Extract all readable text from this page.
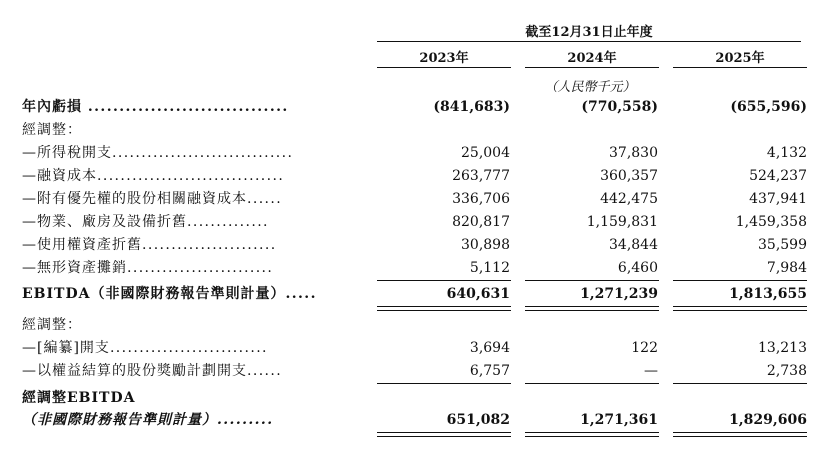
截至12月31日止年度
2023年	2024年	2025年
（人民幣千元）
年內虧損 ................................	(841,683)	(770,558)	(655,596)
經調整：
—所得稅開支...............................	25,004	37,830	4,132
—融資成本................................	263,777	360,357	524,237
—附有優先權的股份相關融資成本......	336,706	442,475	437,941
—物業、廠房及設備折舊..............	820,817	1,159,831	1,459,358
—使用權資產折舊.......................	30,898	34,844	35,599
—無形資產攤銷.........................	5,112	6,460	7,984
EBITDA（非國際財務報告準則計量）.....	640,631	1,271,239	1,813,655
經調整：
—[編纂]開支...........................	3,694	122	13,213
—以權益結算的股份獎勵計劃開支......	6,757	—	2,738
經調整EBITDA
（非國際財務報告準則計量）.........	651,082	1,271,361	1,829,606
